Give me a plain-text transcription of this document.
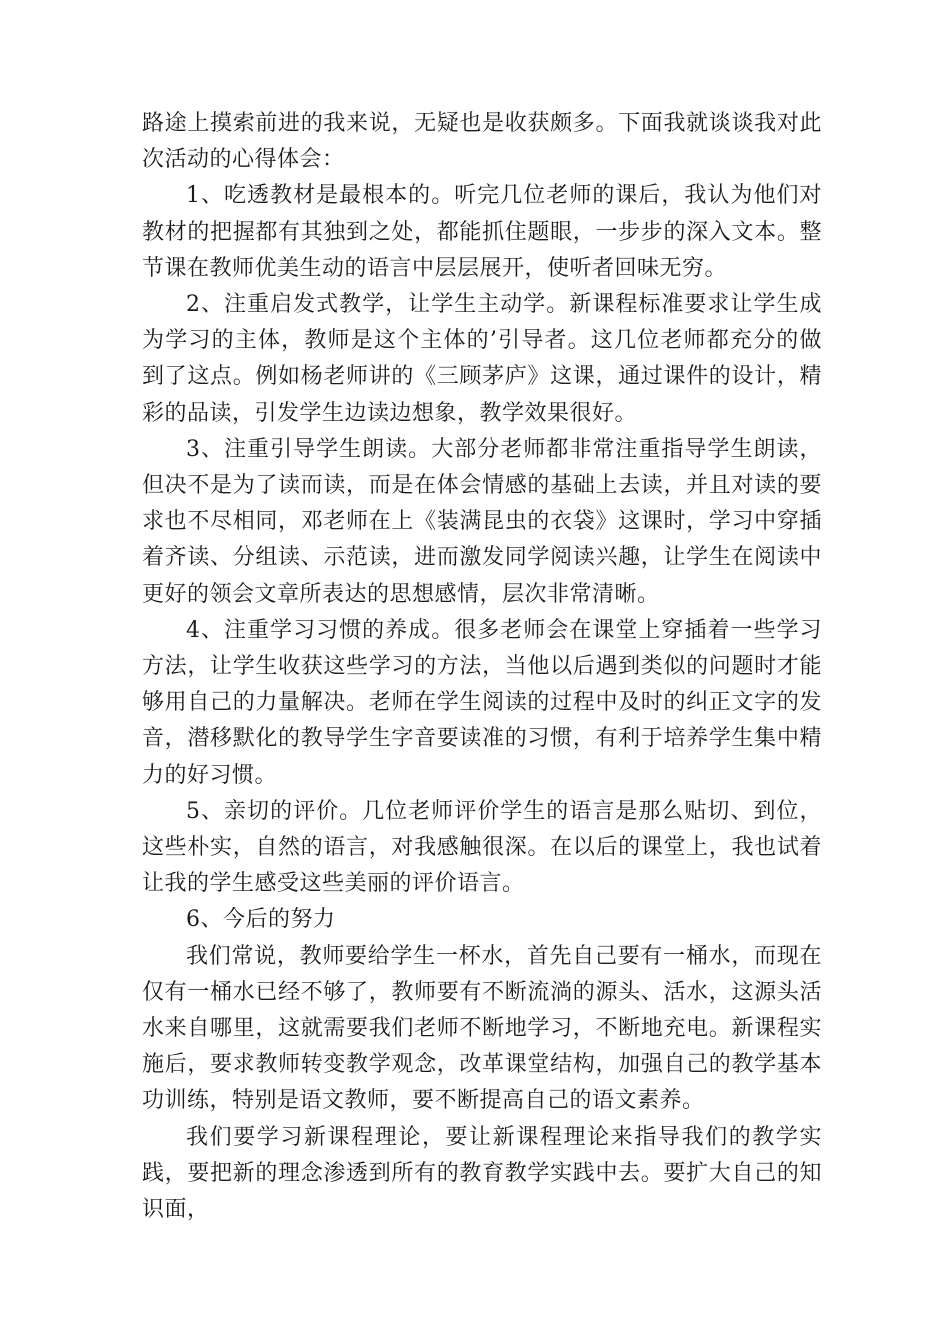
路途上摸索前进的我来说，无疑也是收获颇多。下面我就谈谈我对此次活动的心得体会：

1、吃透教材是最根本的。听完几位老师的课后，我认为他们对教材的把握都有其独到之处，都能抓住题眼，一步步的深入文本。整节课在教师优美生动的语言中层层展开，使听者回味无穷。

2、注重启发式教学，让学生主动学。新课程标准要求让学生成为学习的主体，教师是这个主体的’引导者。这几位老师都充分的做到了这点。例如杨老师讲的《三顾茅庐》这课，通过课件的设计，精彩的品读，引发学生边读边想象，教学效果很好。

3、注重引导学生朗读。大部分老师都非常注重指导学生朗读，但决不是为了读而读，而是在体会情感的基础上去读，并且对读的要求也不尽相同，邓老师在上《装满昆虫的衣袋》这课时，学习中穿插着齐读、分组读、示范读，进而激发同学阅读兴趣，让学生在阅读中更好的领会文章所表达的思想感情，层次非常清晰。

4、注重学习习惯的养成。很多老师会在课堂上穿插着一些学习方法，让学生收获这些学习的方法，当他以后遇到类似的问题时才能够用自己的力量解决。老师在学生阅读的过程中及时的纠正文字的发音，潜移默化的教导学生字音要读准的习惯，有利于培养学生集中精力的好习惯。

5、亲切的评价。几位老师评价学生的语言是那么贴切、到位，这些朴实，自然的语言，对我感触很深。在以后的课堂上，我也试着让我的学生感受这些美丽的评价语言。

6、今后的努力

我们常说，教师要给学生一杯水，首先自己要有一桶水，而现在仅有一桶水已经不够了，教师要有不断流淌的源头、活水，这源头活水来自哪里，这就需要我们老师不断地学习，不断地充电。新课程实施后，要求教师转变教学观念，改革课堂结构，加强自己的教学基本功训练，特别是语文教师，要不断提高自己的语文素养。

我们要学习新课程理论，要让新课程理论来指导我们的教学实践，要把新的理念渗透到所有的教育教学实践中去。要扩大自己的知识面，
